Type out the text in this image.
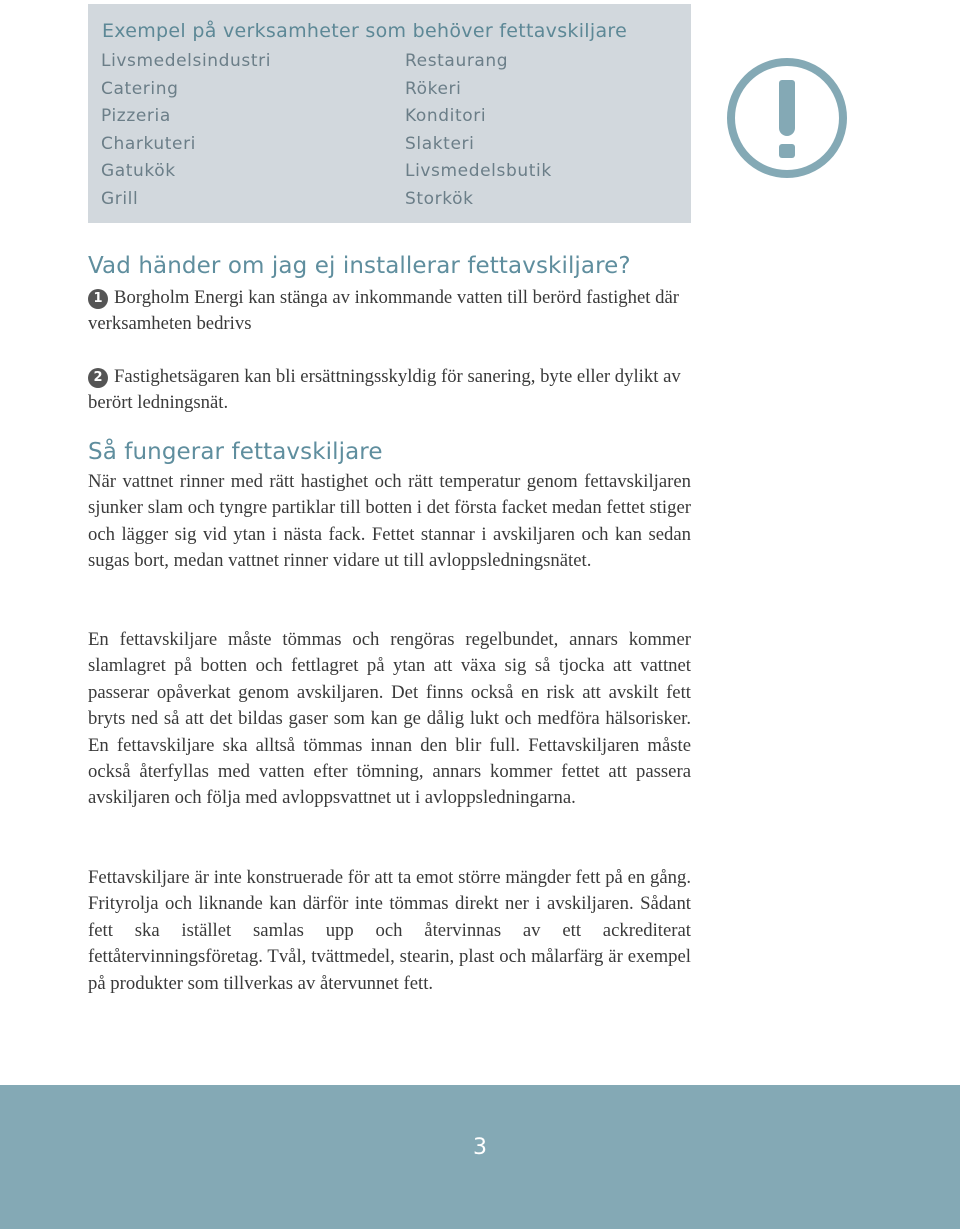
Exempel på verksamheter som behöver fettavskiljare
Livsmedelsindustri
Catering
Pizzeria
Charkuteri
Gatukök
Grill
Restaurang
Rökeri
Konditori
Slakteri
Livsmedelsbutik
Storkök
Vad händer om jag ej installerar fettavskiljare?
1 Borgholm Energi kan stänga av inkommande vatten till berörd fastighet där verksamheten bedrivs
2 Fastighetsägaren kan bli ersättningsskyldig för sanering, byte eller dylikt av berört ledningsnät.
Så fungerar fettavskiljare
När vattnet rinner med rätt hastighet och rätt temperatur genom fettavskiljaren sjunker slam och tyngre partiklar till botten i det första facket medan fettet stiger och lägger sig vid ytan i nästa fack. Fettet stannar i avskiljaren och kan sedan sugas bort, medan vattnet rinner vidare ut till avloppsledningsnätet.
En fettavskiljare måste tömmas och rengöras regelbundet, annars kommer slamlagret på botten och fettlagret på ytan att växa sig så tjocka att vattnet passerar opåverkat genom avskiljaren. Det finns också en risk att avskilt fett bryts ned så att det bildas gaser som kan ge dålig lukt och medföra hälsorisker. En fettavskiljare ska alltså tömmas innan den blir full. Fettavskiljaren måste också återfyllas med vatten efter tömning, annars kommer fettet att passera avskiljaren och följa med avloppsvattnet ut i avloppsledningarna.
Fettavskiljare är inte konstruerade för att ta emot större mängder fett på en gång. Frityrolja och liknande kan därför inte tömmas direkt ner i avskiljaren. Sådant fett ska istället samlas upp och återvinnas av ett ackrediterat fettåtervinningsföretag. Tvål, tvättmedel, stearin, plast och målarfärg är exempel på produkter som tillverkas av återvunnet fett.
3
